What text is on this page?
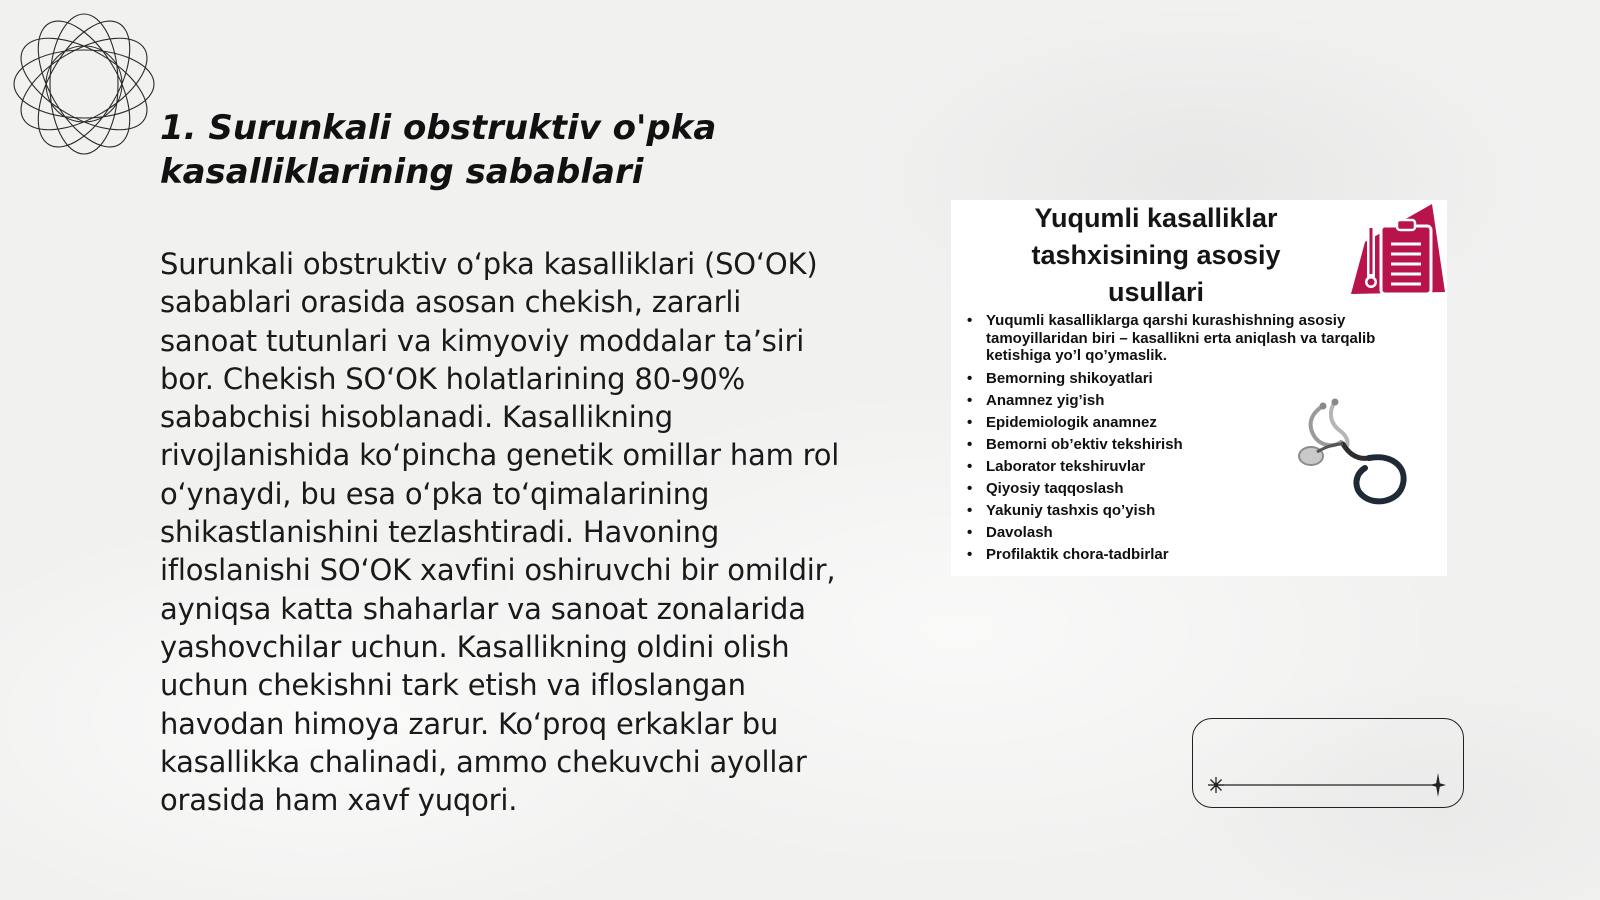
1. Surunkali obstruktiv o'pka kasalliklarining sabablari

Surunkali obstruktiv o‘pka kasalliklari (SO‘OK) sabablari orasida asosan chekish, zararli sanoat tutunlari va kimyoviy moddalar ta’siri bor. Chekish SO‘OK holatlarining 80-90% sababchisi hisoblanadi. Kasallikning rivojlanishida ko‘pincha genetik omillar ham rol o‘ynaydi, bu esa o‘pka to‘qimalarining shikastlanishini tezlashtiradi. Havoning ifloslanishi SO‘OK xavfini oshiruvchi bir omildir, ayniqsa katta shaharlar va sanoat zonalarida yashovchilar uchun. Kasallikning oldini olish uchun chekishni tark etish va ifloslangan havodan himoya zarur. Ko‘proq erkaklar bu kasallikka chalinadi, ammo chekuvchi ayollar orasida ham xavf yuqori.

Yuqumli kasalliklar tashxisining asosiy usullari
• Yuqumli kasalliklarga qarshi kurashishning asosiy tamoyillaridan biri – kasallikni erta aniqlash va tarqalib ketishiga yo’l qo’ymaslik.
• Bemorning shikoyatlari
• Anamnez yig’ish
• Epidemiologik anamnez
• Bemorni ob’ektiv tekshirish
• Laborator tekshiruvlar
• Qiyosiy taqqoslash
• Yakuniy tashxis qo’yish
• Davolash
• Profilaktik chora-tadbirlar
